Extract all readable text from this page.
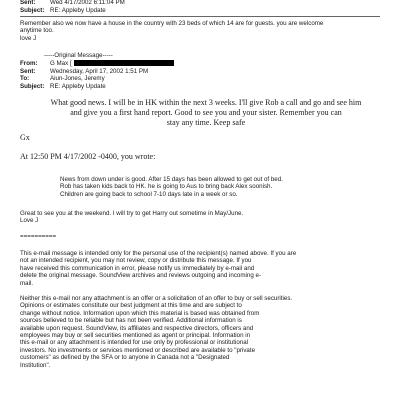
Sent: Wed 4/17/2002 6:11:04 PM
Subject: RE: Appleby Update
Remember also we now have a house in the country with 23 beds of which 14 are for guests. you are welcome
anytime too.
love J
-----Original Message-----
From: G Max [
Sent: Wednesday, April 17, 2002 1:51 PM
To:	Aiun-Jones, Jeremy
Subject: RE: Appleby Update
What good news. I will be in HK within the next 3 weeks. I'll give Rob a call and go and see him
and give you a first hand report. Good to see you and your sister. Remember you can
stay any time. Keep safe
Gx
At 12:50 PM 4/17/2002 -0400, you wrote:
News from down under is good. After 15 days has been allowed to get out of bed.
Rob has taken kids back to HK. he is going to Aus to bring back Alex soonish.
Children are going back to school 7-10 days late in a week or so.
Great to see you at the weekend. I will try to get Harry out sometime in May/June.
Love J
==========
This e-mail message is intended only for the personal use of the recipient(s) named above. If you are
not an intended recipient, you may not review, copy or distribute this message. If you
have received this communication in error, please notify us immediately by e-mail and
delete the original message. SoundView archives and reviews outgoing and incoming e-
mail.
Neither this e-mail nor any attachment is an offer or a solicitation of an offer to buy or sell securities.
Opinions or estimates constitute our best judgment at this time and are subject to
change without notice. Information upon which this material is based was obtained from
sources believed to be reliable but has not been verified. Additional information is
available upon request. SoundView, its affiliates and respective directors, officers and
employees may buy or sell securities mentioned as agent or principal. Information in
this e-mail or any attachment is intended for use only by professional or institutional
investors. No investments or services mentioned or described are available to "private
customers" as defined by the SFA or to anyone in Canada not a "Designated
Institution".
